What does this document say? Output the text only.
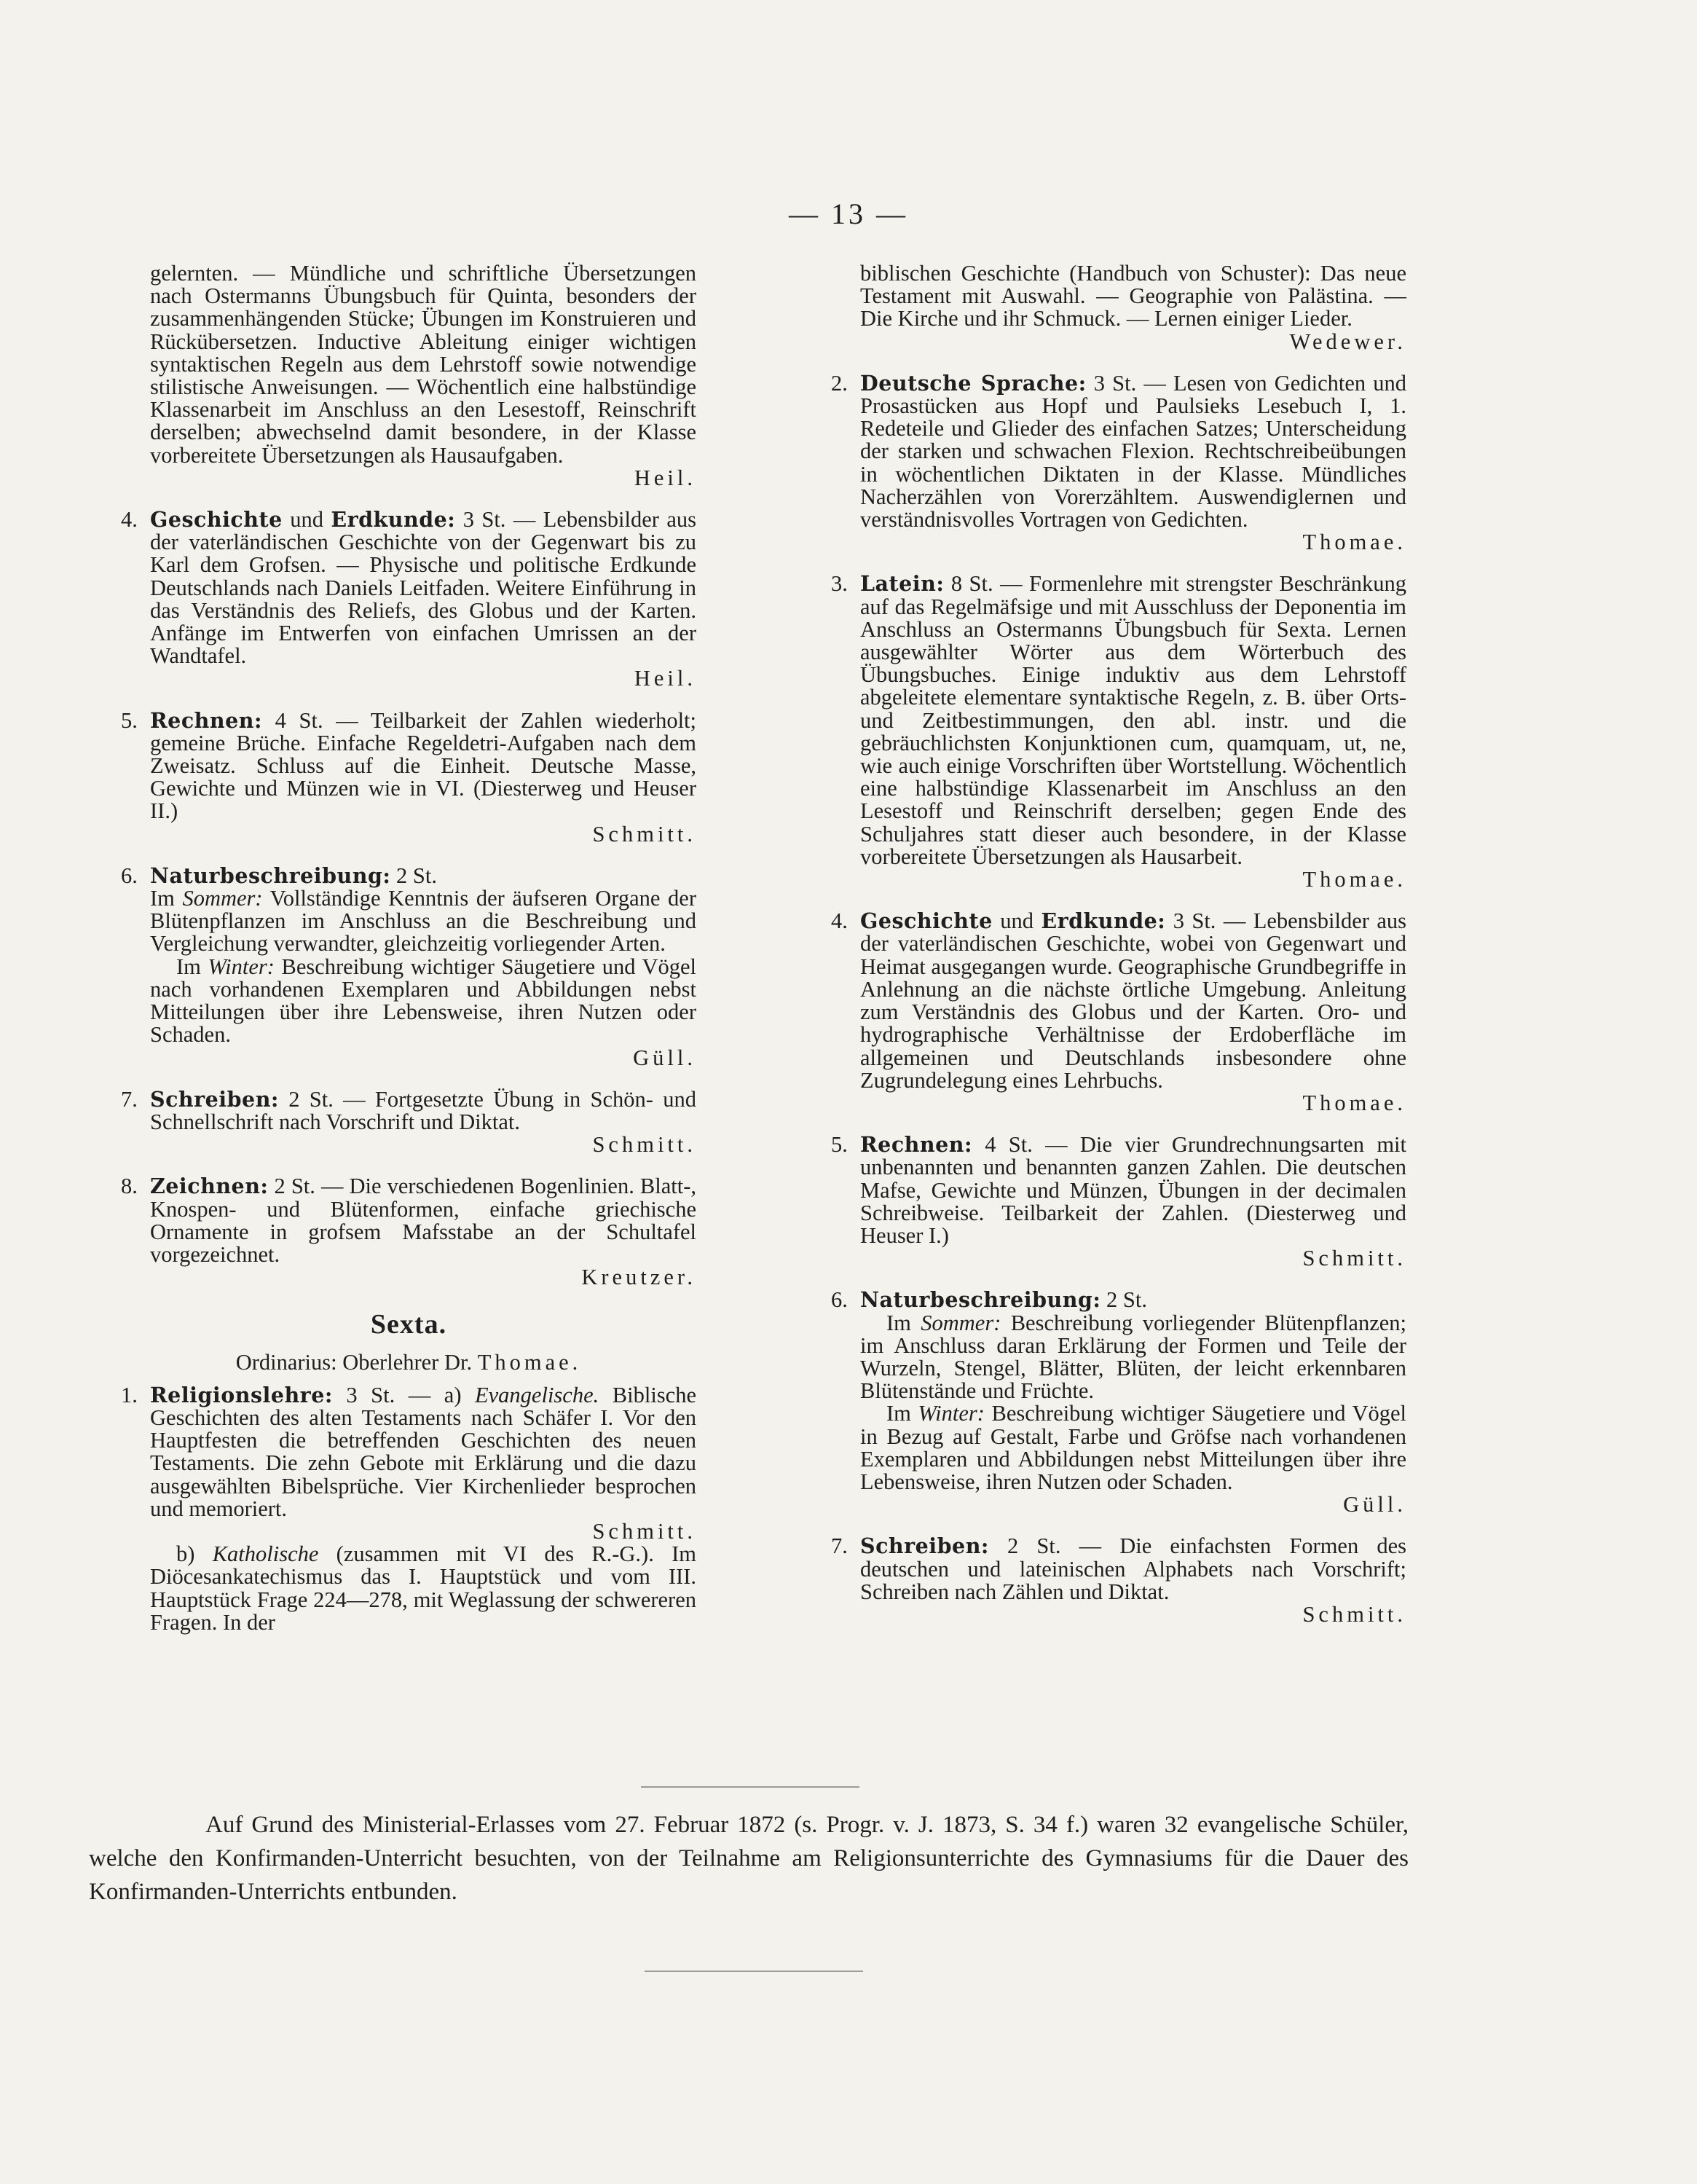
— 13 —

gelernten. — Mündliche und schriftliche Übersetzungen nach Ostermanns Übungsbuch für Quinta, besonders der zusammenhängenden Stücke; Übungen im Konstruieren und Rückübersetzen. Inductive Ableitung einiger wichtigen syntaktischen Regeln aus dem Lehrstoff sowie notwendige stilistische Anweisungen. — Wöchentlich eine halbstündige Klassenarbeit im Anschluss an den Lesestoff, Reinschrift derselben; abwechselnd damit besondere, in der Klasse vorbereitete Übersetzungen als Hausaufgaben.

Heil.
4. Geschichte und Erdkunde: 3 St. — Lebensbilder aus der vaterländischen Geschichte von der Gegenwart bis zu Karl dem Grofsen. — Physische und politische Erdkunde Deutschlands nach Daniels Leitfaden. Weitere Einführung in das Verständnis des Reliefs, des Globus und der Karten. Anfänge im Entwerfen von einfachen Umrissen an der Wandtafel.

Heil.
5. Rechnen: 4 St. — Teilbarkeit der Zahlen wiederholt; gemeine Brüche. Einfache Regeldetri-Aufgaben nach dem Zweisatz. Schluss auf die Einheit. Deutsche Masse, Gewichte und Münzen wie in VI. (Diesterweg und Heuser II.)

Schmitt.
6. Naturbeschreibung: 2 St.

Im Sommer: Vollständige Kenntnis der äufseren Organe der Blütenpflanzen im Anschluss an die Beschreibung und Vergleichung verwandter, gleichzeitig vorliegender Arten.

Im Winter: Beschreibung wichtiger Säugetiere und Vögel nach vorhandenen Exemplaren und Abbildungen nebst Mitteilungen über ihre Lebensweise, ihren Nutzen oder Schaden.

Güll.
7. Schreiben: 2 St. — Fortgesetzte Übung in Schön- und Schnellschrift nach Vorschrift und Diktat.

Schmitt.
8. Zeichnen: 2 St. — Die verschiedenen Bogenlinien. Blatt-, Knospen- und Blütenformen, einfache griechische Ornamente in grofsem Mafsstabe an der Schultafel vorgezeichnet.

Kreutzer.
Sexta.
Ordinarius: Oberlehrer Dr. Thomae.
1. Religionslehre: 3 St. — a) Evangelische. Biblische Geschichten des alten Testaments nach Schäfer I. Vor den Hauptfesten die betreffenden Geschichten des neuen Testaments. Die zehn Gebote mit Erklärung und die dazu ausgewählten Bibelsprüche. Vier Kirchenlieder besprochen und memoriert.

Schmitt.

b) Katholische (zusammen mit VI des R.-G.). Im Diöcesankatechismus das I. Hauptstück und vom III. Hauptstück Frage 224—278, mit Weglassung der schwereren Fragen. In der

biblischen Geschichte (Handbuch von Schuster): Das neue Testament mit Auswahl. — Geographie von Palästina. — Die Kirche und ihr Schmuck. — Lernen einiger Lieder.

Wedewer.
2. Deutsche Sprache: 3 St. — Lesen von Gedichten und Prosastücken aus Hopf und Paulsieks Lesebuch I, 1. Redeteile und Glieder des einfachen Satzes; Unterscheidung der starken und schwachen Flexion. Rechtschreibeübungen in wöchentlichen Diktaten in der Klasse. Mündliches Nacherzählen von Vorerzähltem. Auswendiglernen und verständnisvolles Vortragen von Gedichten.

Thomae.
3. Latein: 8 St. — Formenlehre mit strengster Beschränkung auf das Regelmäfsige und mit Ausschluss der Deponentia im Anschluss an Ostermanns Übungsbuch für Sexta. Lernen ausgewählter Wörter aus dem Wörterbuch des Übungsbuches. Einige induktiv aus dem Lehrstoff abgeleitete elementare syntaktische Regeln, z. B. über Orts- und Zeitbestimmungen, den abl. instr. und die gebräuchlichsten Konjunktionen cum, quamquam, ut, ne, wie auch einige Vorschriften über Wortstellung. Wöchentlich eine halbstündige Klassenarbeit im Anschluss an den Lesestoff und Reinschrift derselben; gegen Ende des Schuljahres statt dieser auch besondere, in der Klasse vorbereitete Übersetzungen als Hausarbeit.

Thomae.
4. Geschichte und Erdkunde: 3 St. — Lebensbilder aus der vaterländischen Geschichte, wobei von Gegenwart und Heimat ausgegangen wurde. Geographische Grundbegriffe in Anlehnung an die nächste örtliche Umgebung. Anleitung zum Verständnis des Globus und der Karten. Oro- und hydrographische Verhältnisse der Erdoberfläche im allgemeinen und Deutschlands insbesondere ohne Zugrundelegung eines Lehrbuchs.

Thomae.
5. Rechnen: 4 St. — Die vier Grundrechnungsarten mit unbenannten und benannten ganzen Zahlen. Die deutschen Mafse, Gewichte und Münzen, Übungen in der decimalen Schreibweise. Teilbarkeit der Zahlen. (Diesterweg und Heuser I.)

Schmitt.
6. Naturbeschreibung: 2 St.

Im Sommer: Beschreibung vorliegender Blütenpflanzen; im Anschluss daran Erklärung der Formen und Teile der Wurzeln, Stengel, Blätter, Blüten, der leicht erkennbaren Blütenstände und Früchte.

Im Winter: Beschreibung wichtiger Säugetiere und Vögel in Bezug auf Gestalt, Farbe und Gröfse nach vorhandenen Exemplaren und Abbildungen nebst Mitteilungen über ihre Lebensweise, ihren Nutzen oder Schaden.

Güll.
7. Schreiben: 2 St. — Die einfachsten Formen des deutschen und lateinischen Alphabets nach Vorschrift; Schreiben nach Zählen und Diktat.

Schmitt.
Auf Grund des Ministerial-Erlasses vom 27. Februar 1872 (s. Progr. v. J. 1873, S. 34 f.) waren 32 evangelische Schüler, welche den Konfirmanden-Unterricht besuchten, von der Teilnahme am Religionsunterrichte des Gymnasiums für die Dauer des Konfirmanden-Unterrichts entbunden.
